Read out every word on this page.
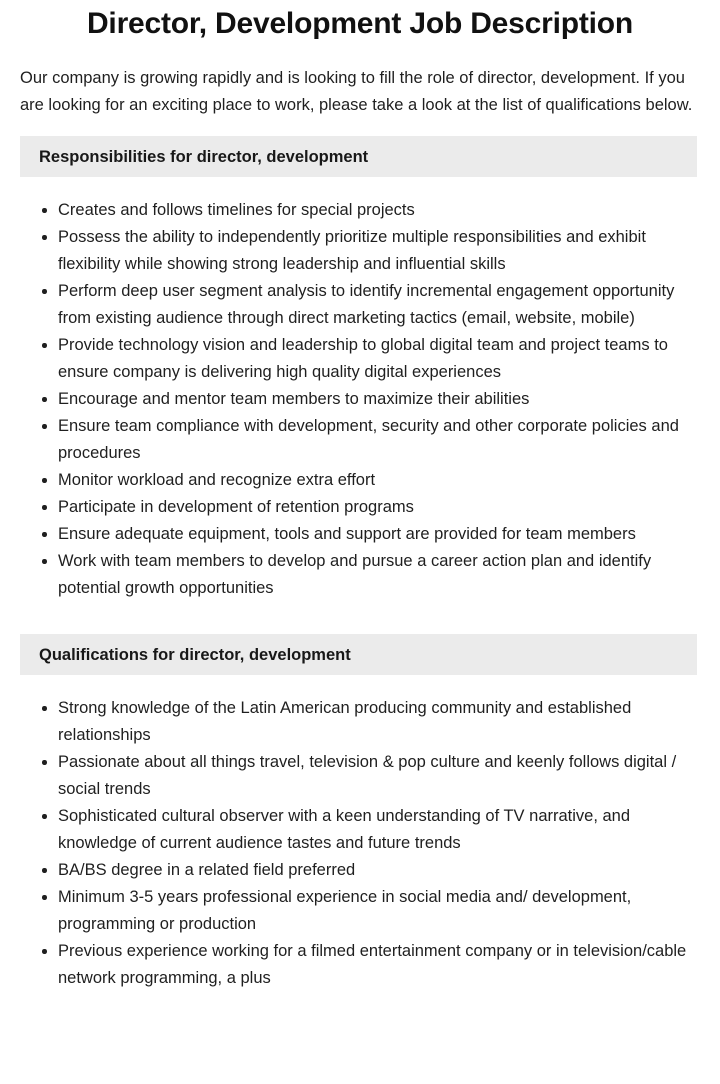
Director, Development Job Description

Our company is growing rapidly and is looking to fill the role of director, development. If you are looking for an exciting place to work, please take a look at the list of qualifications below.

Responsibilities for director, development
Creates and follows timelines for special projects
Possess the ability to independently prioritize multiple responsibilities and exhibit flexibility while showing strong leadership and influential skills
Perform deep user segment analysis to identify incremental engagement opportunity from existing audience through direct marketing tactics (email, website, mobile)
Provide technology vision and leadership to global digital team and project teams to ensure company is delivering high quality digital experiences
Encourage and mentor team members to maximize their abilities
Ensure team compliance with development, security and other corporate policies and procedures
Monitor workload and recognize extra effort
Participate in development of retention programs
Ensure adequate equipment, tools and support are provided for team members
Work with team members to develop and pursue a career action plan and identify potential growth opportunities
Qualifications for director, development
Strong knowledge of the Latin American producing community and established relationships
Passionate about all things travel, television & pop culture and keenly follows digital / social trends
Sophisticated cultural observer with a keen understanding of TV narrative, and knowledge of current audience tastes and future trends
BA/BS degree in a related field preferred
Minimum 3-5 years professional experience in social media and/ development, programming or production
Previous experience working for a filmed entertainment company or in television/cable network programming, a plus
